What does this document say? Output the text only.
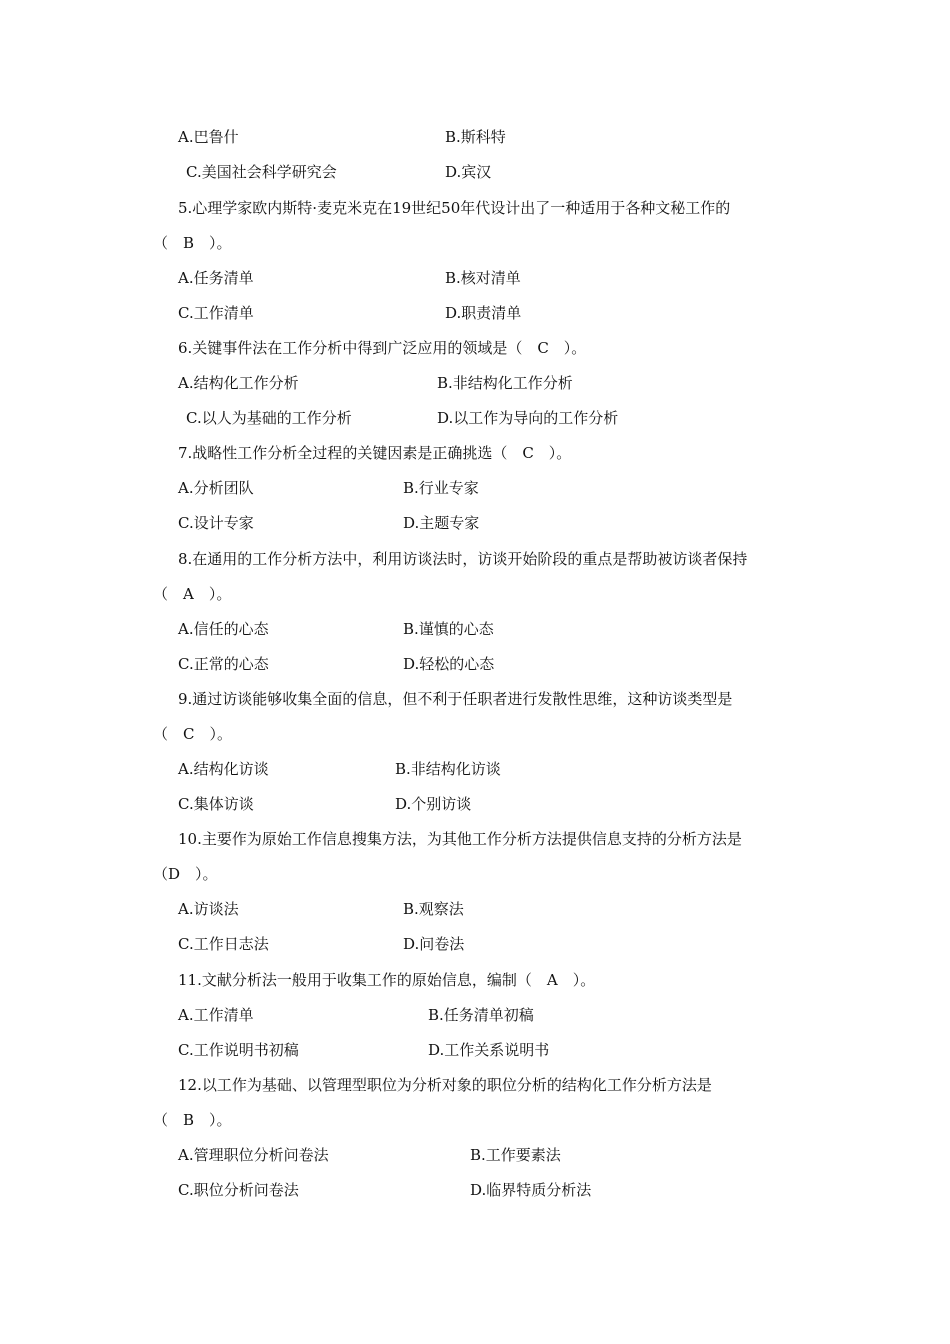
A.巴鲁什	B.斯科特
C.美国社会科学研究会	D.宾汉
5.心理学家欧内斯特·麦克米克在19世纪50年代设计出了一种适用于各种文秘工作的
（　B　）。
A.任务清单	B.核对清单
C.工作清单	D.职责清单
6.关键事件法在工作分析中得到广泛应用的领域是（　C　）。
A.结构化工作分析	B.非结构化工作分析
C.以人为基础的工作分析	D.以工作为导向的工作分析
7.战略性工作分析全过程的关键因素是正确挑选（　C　）。
A.分析团队	B.行业专家
C.设计专家	D.主题专家
8.在通用的工作分析方法中，利用访谈法时，访谈开始阶段的重点是帮助被访谈者保持
（　A　）。
A.信任的心态	B.谨慎的心态
C.正常的心态	D.轻松的心态
9.通过访谈能够收集全面的信息，但不利于任职者进行发散性思维，这种访谈类型是
（　C　）。
A.结构化访谈	B.非结构化访谈
C.集体访谈	D.个别访谈
10.主要作为原始工作信息搜集方法，为其他工作分析方法提供信息支持的分析方法是
（D　）。
A.访谈法	B.观察法
C.工作日志法	D.问卷法
11.文献分析法一般用于收集工作的原始信息，编制（　A　）。
A.工作清单	B.任务清单初稿
C.工作说明书初稿	D.工作关系说明书
12.以工作为基础、以管理型职位为分析对象的职位分析的结构化工作分析方法是
（　B　）。
A.管理职位分析问卷法	B.工作要素法
C.职位分析问卷法	D.临界特质分析法
